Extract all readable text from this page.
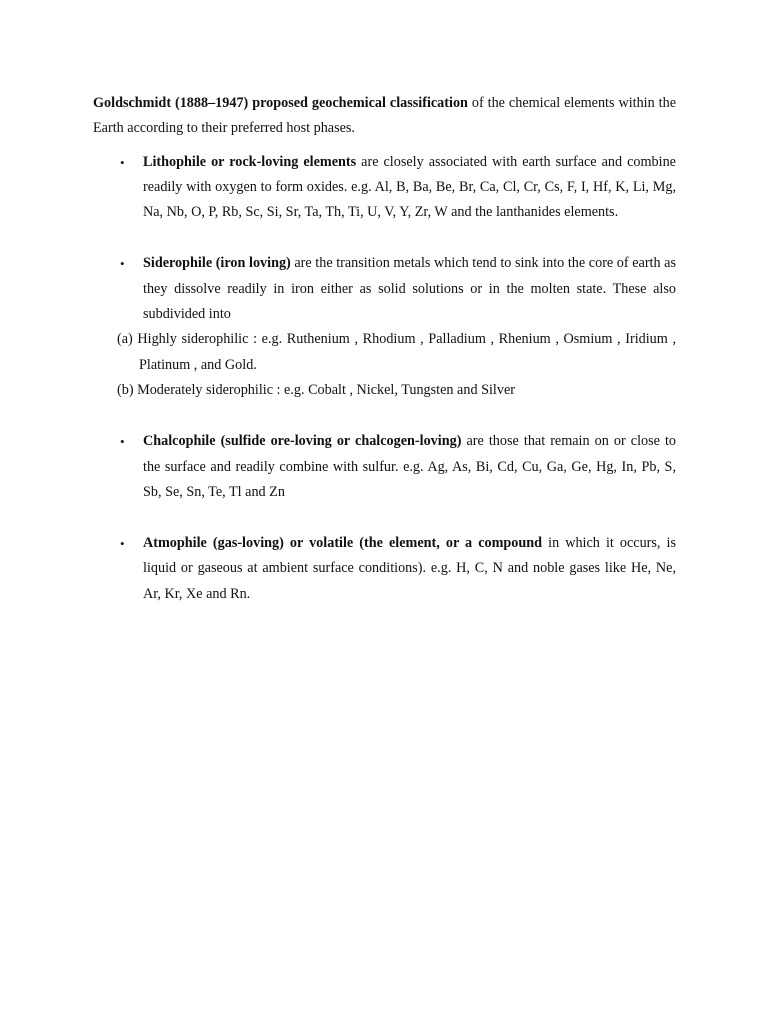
Goldschmidt (1888–1947) proposed geochemical classification of the chemical elements within the Earth according to their preferred host phases.

• Lithophile or rock-loving elements are closely associated with earth surface and combine readily with oxygen to form oxides. e.g. Al, B, Ba, Be, Br, Ca, Cl, Cr, Cs, F, I, Hf, K, Li, Mg, Na, Nb, O, P, Rb, Sc, Si, Sr, Ta, Th, Ti, U, V, Y, Zr, W and the lanthanides elements.
• Siderophile (iron loving) are the transition metals which tend to sink into the core of earth as they dissolve readily in iron either as solid solutions or in the molten state. These also subdivided into
(a) Highly siderophilic : e.g. Ruthenium , Rhodium , Palladium , Rhenium , Osmium , Iridium , Platinum , and Gold.
(b) Moderately siderophilic : e.g. Cobalt , Nickel, Tungsten and Silver
• Chalcophile (sulfide ore-loving or chalcogen-loving) are those that remain on or close to the surface and readily combine with sulfur. e.g. Ag, As, Bi, Cd, Cu, Ga, Ge, Hg, In, Pb, S, Sb, Se, Sn, Te, Tl and Zn
• Atmophile (gas-loving) or volatile (the element, or a compound in which it occurs, is liquid or gaseous at ambient surface conditions). e.g. H, C, N and noble gases like He, Ne, Ar, Kr, Xe and Rn.
